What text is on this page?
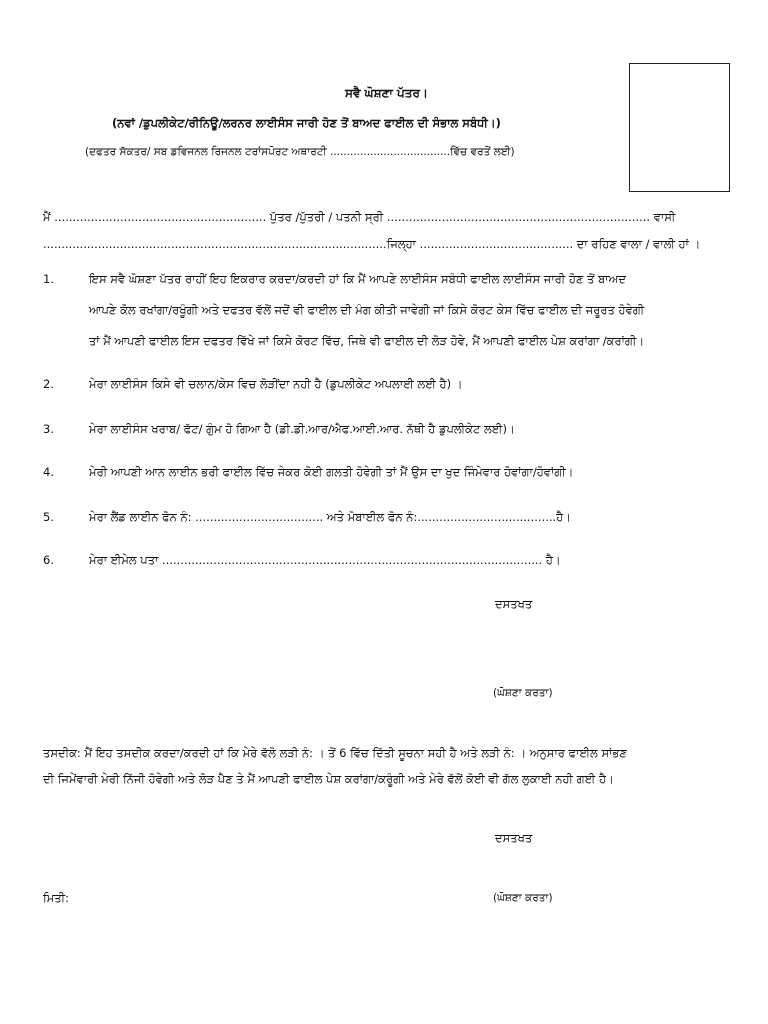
ਸਵੈ ਘੋਸ਼ਣਾ ਪੱਤਰ।
(ਨਵਾਂ /ਡੁਪਲੀਕੇਟ/ਰੀਨਿਊ/ਲਰਨਰ ਲਾਈਸੰਸ ਜਾਰੀ ਹੋਣ ਤੋਂ ਬਾਅਦ ਫਾਈਲ ਦੀ ਸੰਭਾਲ ਸਬੰਧੀ।)
(ਦਫਤਰ ਸੱਕਤਰ/ ਸਬ ਡਵਿਜਨਲ ਰਿਜਨਲ ਟਰਾਂਸਪੋਰਟ ਅਥਾਰਟੀ ....................................ਵਿੱਚ ਵਰਤੋਂ ਲਈ)
ਮੈਂ .......................................................... ਪੁੱਤਰ /ਪੁੱਤਰੀ / ਪਤਨੀ ਸ੍ਰੀ ........................................................................ ਵਾਸੀ
..............................................................................................ਜਿਲ੍ਹਾ .......................................... ਦਾ ਰਹਿਣ ਵਾਲਾ / ਵਾਲੀ ਹਾਂ ।
1.	ਇਸ ਸਵੈ ਘੋਸ਼ਣਾ ਪੱਤਰ ਰਾਹੀਂ ਇਹ ਇਕਰਾਰ ਕਰਦਾ/ਕਰਦੀ ਹਾਂ ਕਿ ਮੈਂ ਆਪਣੇ ਲਾਈਸੰਸ ਸਬੰਧੀ ਫਾਈਲ ਲਾਈਸੰਸ ਜਾਰੀ ਹੋਣ ਤੋਂ ਬਾਅਦ
ਆਪਣੇ ਕੋਲ ਰਖਾਂਗਾ/ਰਖੂੰਗੀ ਅਤੇ ਦਫਤਰ ਵੱਲੋਂ ਜਦੋਂ ਵੀ ਫਾਈਲ ਦੀ ਮੰਗ ਕੀਤੀ ਜਾਵੇਗੀ ਜਾਂ ਕਿਸੇ ਕੋਰਟ ਕੇਸ ਵਿੱਚ ਫਾਈਲ ਦੀ ਜਰੂਰਤ ਹੋਵੇਗੀ
ਤਾਂ ਮੈਂ ਆਪਣੀ ਫਾਈਲ ਇਸ ਦਫਤਰ ਵਿੱਖੇ ਜਾਂ ਕਿਸੇ ਕੋਰਟ ਵਿੱਚ, ਜਿਥੇ ਵੀ ਫਾਈਲ ਦੀ ਲੋੜ ਹੋਵੇ, ਮੈਂ ਆਪਣੀ ਫਾਈਲ ਪੇਸ਼ ਕਰਾਂਗਾ /ਕਰਾਂਗੀ।
2.	ਮੇਰਾ ਲਾਈਸੰਸ ਕਿਸੇ ਵੀ ਚਲਾਨ/ਕੇਸ ਵਿਚ ਲੋੜੀਂਦਾ ਨਹੀ ਹੈ (ਡੁਪਲੀਕੇਟ ਅਪਲਾਈ ਲਈ ਹੈ) ।
3.	ਮੇਰਾ ਲਾਈਸੰਸ ਖਰਾਬ/ ਫੱਟ/ ਗੁੰਮ ਹੋ ਗਿਆ ਹੈ (ਡੀ.ਡੀ.ਆਰ/ਐਫ.ਆਈ.ਆਰ. ਨੱਥੀ ਹੈ ਡੁਪਲੀਕੇਟ ਲਈ)।
4.	ਮੇਰੀ ਆਪਣੀ ਆਨ ਲਾਈਨ ਭਰੀ ਫਾਈਲ ਵਿੱਚ ਜੇਕਰ ਕੋਈ ਗਲਤੀ ਹੋਵੇਗੀ ਤਾਂ ਮੈਂ ਉਸ ਦਾ ਖੁਦ ਜਿੰਮੇਵਾਰ ਹੋਵਾਂਗਾ/ਹੋਵਾਂਗੀ।
5.	ਮੇਰਾ ਲੈਂਡ ਲਾਈਨ ਫੋਨ ਨੰ: ................................... ਅਤੇ ਮੋਬਾਈਲ ਫੋਨ ਨੰ:......................................ਹੈ।
6.	ਮੇਰਾ ਈਮੇਲ ਪਤਾ ........................................................................................................ ਹੈ।
ਦਸਤਖਤ
(ਘੋਸ਼ਣਾ ਕਰਤਾ)
ਤਸਦੀਕ: ਮੈਂ ਇਹ ਤਸਦੀਕ ਕਰਦਾ/ਕਰਦੀ ਹਾਂ ਕਿ ਮੇਰੇ ਵੱਲੋ ਲੜੀ ਨੰ: । ਤੋਂ 6 ਵਿੱਚ ਦਿੱਤੀ ਸੂਚਨਾ ਸਹੀ ਹੈ ਅਤੇ ਲੜੀ ਨੰ: । ਅਨੁਸਾਰ ਫਾਈਲ ਸਾਂਭਣ
ਦੀ ਜਿਮੇਂਵਾਰੀ ਮੇਰੀ ਨਿੱਜੀ ਹੋਵੇਗੀ ਅਤੇ ਲੋੜ ਪੈਣ ਤੇ ਮੈਂ ਆਪਣੀ ਫਾਈਲ ਪੇਸ਼ ਕਰਾਂਗਾ/ਕਰੂੰਗੀ ਅਤੇ ਮੇਰੇ ਵੱਲੋਂ ਕੋਈ ਵੀ ਗੱਲ ਲੁਕਾਈ ਨਹੀ ਗਈ ਹੈ।
ਦਸਤਖਤ
ਮਿਤੀ:	(ਘੋਸ਼ਣਾ ਕਰਤਾ)
